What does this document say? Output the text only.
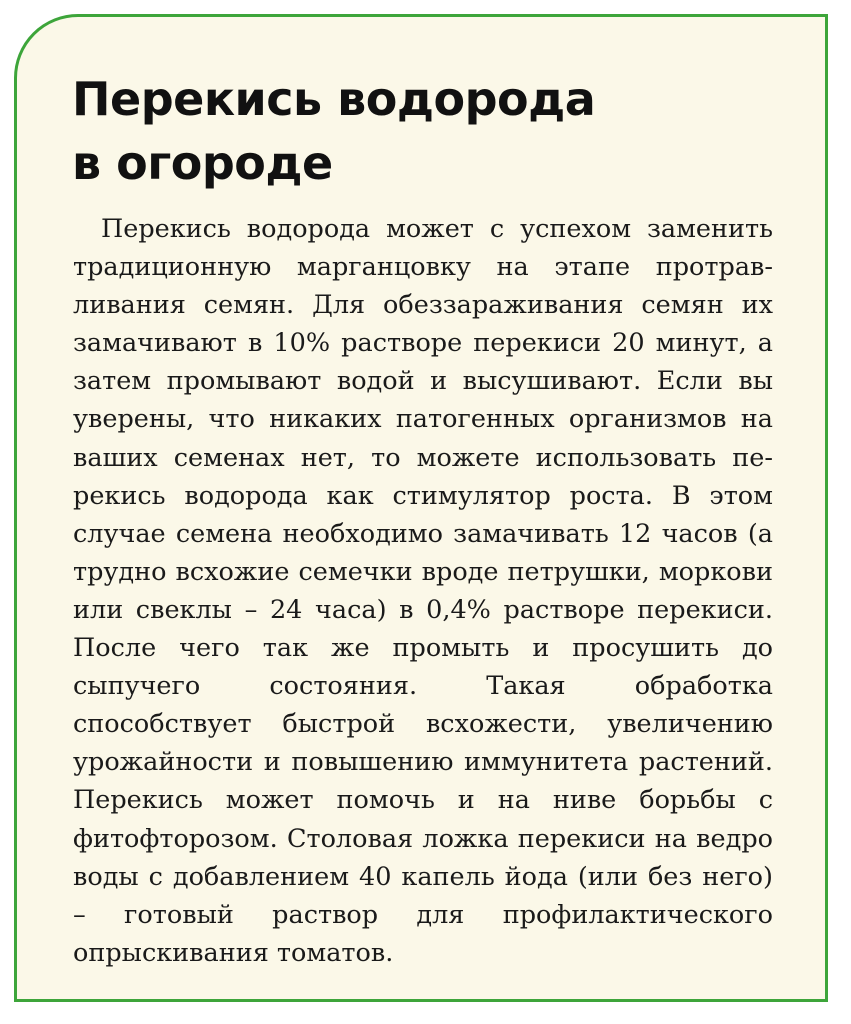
Перекись водорода
в огороде

Перекись водорода может с успехом заменить традиционную марганцовку на этапе протравливания семян. Для обеззараживания семян их замачивают в 10% растворе перекиси 20 минут, а затем промывают водой и высушивают. Если вы уверены, что никаких патогенных организмов на ваших семенах нет, то можете использовать перекись водорода как стимулятор роста. В этом случае семена необходимо замачивать 12 часов (а трудно всхожие семечки вроде петрушки, моркови или свеклы – 24 часа) в 0,4% растворе перекиси. После чего так же промыть и просушить до сыпучего состояния. Такая обработка способствует быстрой всхожести, увеличению урожайности и повышению иммунитета растений. Перекись может помочь и на ниве борьбы с фитофторозом. Столовая ложка перекиси на ведро воды с добавлением 40 капель йода (или без него) – готовый раствор для профилактического опрыскивания томатов.
